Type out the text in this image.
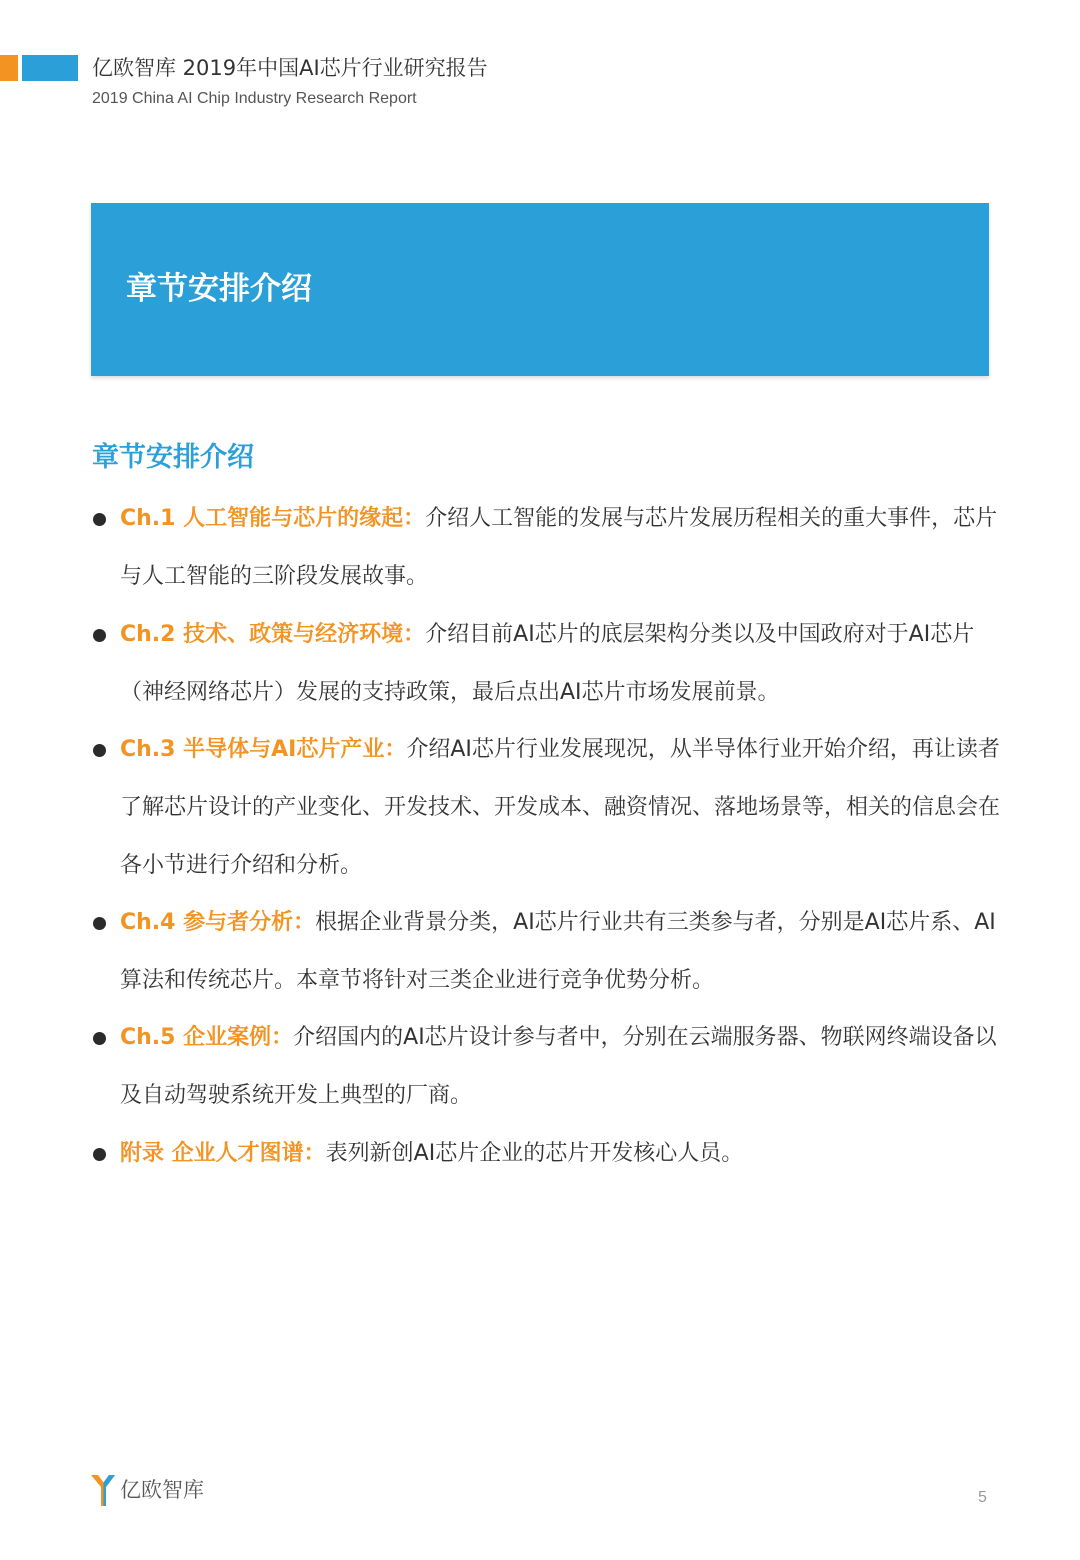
亿欧智库 2019年中国AI芯片行业研究报告
2019 China AI Chip Industry Research Report
章节安排介绍
章节安排介绍
Ch.1 人工智能与芯片的缘起：介绍人工智能的发展与芯片发展历程相关的重大事件，芯片与人工智能的三阶段发展故事。
Ch.2 技术、政策与经济环境：介绍目前AI芯片的底层架构分类以及中国政府对于AI芯片（神经网络芯片）发展的支持政策，最后点出AI芯片市场发展前景。
Ch.3 半导体与AI芯片产业：介绍AI芯片行业发展现况，从半导体行业开始介绍，再让读者了解芯片设计的产业变化、开发技术、开发成本、融资情况、落地场景等，相关的信息会在各小节进行介绍和分析。
Ch.4 参与者分析：根据企业背景分类，AI芯片行业共有三类参与者，分别是AI芯片系、AI算法和传统芯片。本章节将针对三类企业进行竞争优势分析。
Ch.5 企业案例：介绍国内的AI芯片设计参与者中，分别在云端服务器、物联网终端设备以及自动驾驶系统开发上典型的厂商。
附录 企业人才图谱：表列新创AI芯片企业的芯片开发核心人员。
亿欧智库	5
